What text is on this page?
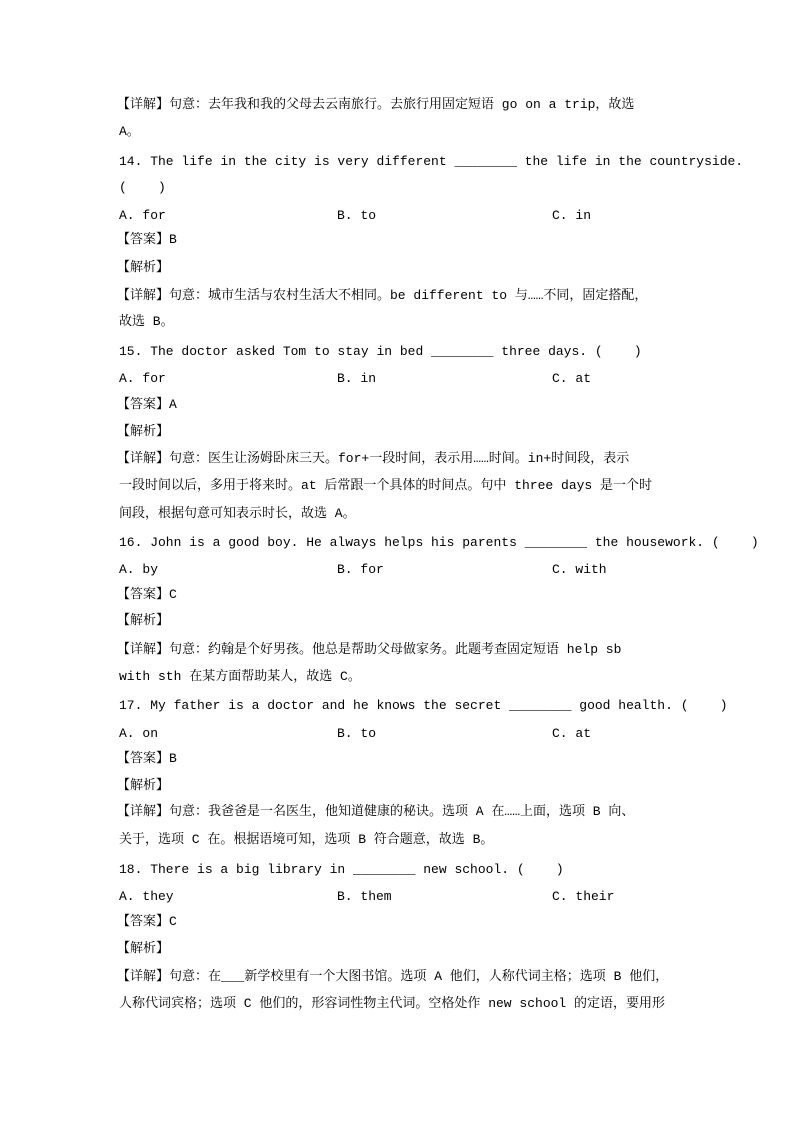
【详解】句意：去年我和我的父母去云南旅行。去旅行用固定短语 go on a trip，故选
A。
14. The life in the city is very different ________ the life in the countryside.
(    )
A. for	B. to	C. in
【答案】B
【解析】
【详解】句意：城市生活与农村生活大不相同。be different to 与……不同，固定搭配，
故选 B。
15. The doctor asked Tom to stay in bed ________ three days. (    )
A. for	B. in	C. at
【答案】A
【解析】
【详解】句意：医生让汤姆卧床三天。for+一段时间，表示用……时间。in+时间段，表示
一段时间以后，多用于将来时。at 后常跟一个具体的时间点。句中 three days 是一个时
间段，根据句意可知表示时长，故选 A。
16. John is a good boy. He always helps his parents ________ the housework. (    )
A. by	B. for	C. with
【答案】C
【解析】
【详解】句意：约翰是个好男孩。他总是帮助父母做家务。此题考查固定短语 help sb
with sth 在某方面帮助某人，故选 C。
17. My father is a doctor and he knows the secret ________ good health. (    )
A. on	B. to	C. at
【答案】B
【解析】
【详解】句意：我爸爸是一名医生，他知道健康的秘诀。选项 A 在……上面，选项 B 向、
关于，选项 C 在。根据语境可知，选项 B 符合题意，故选 B。
18. There is a big library in ________ new school. (    )
A. they	B. them	C. their
【答案】C
【解析】
【详解】句意：在___新学校里有一个大图书馆。选项 A 他们，人称代词主格；选项 B 他们，
人称代词宾格；选项 C 他们的，形容词性物主代词。空格处作 new school 的定语，要用形
